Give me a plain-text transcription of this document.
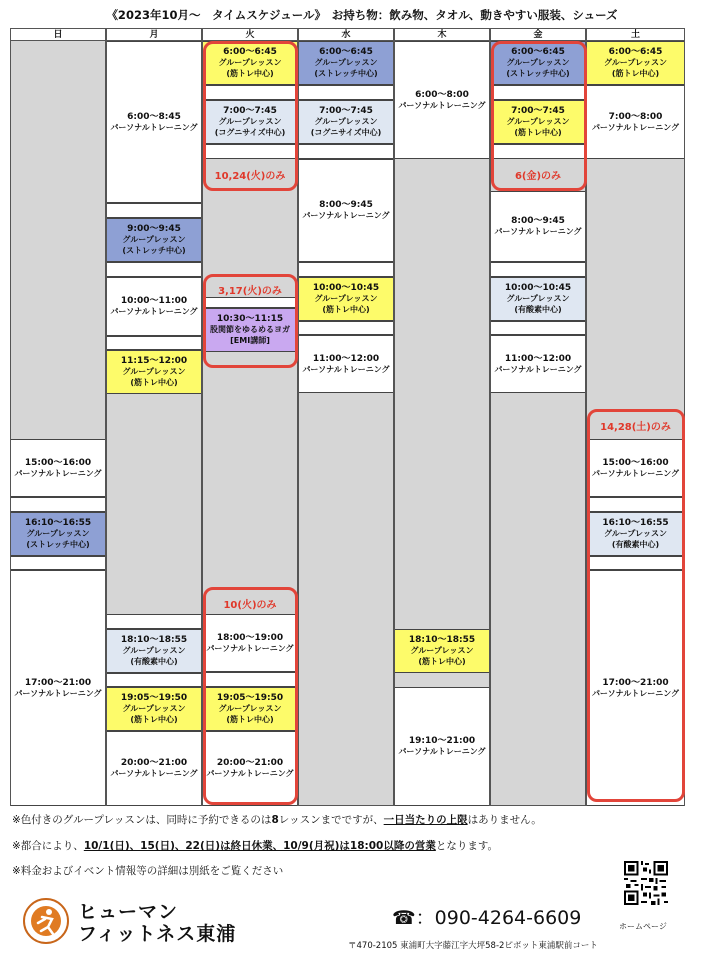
《2023年10月～　タイムスケジュール》　お持ち物：飲み物、タオル、動きやすい服装、シューズ
日
15:00～16:00
パーソナルトレーニング
16:10～16:55
グループレッスン
(ストレッチ中心)
17:00～21:00
パーソナルトレーニング
月
6:00～8:45
パーソナルトレーニング
9:00～9:45
グループレッスン
(ストレッチ中心)
10:00～11:00
パーソナルトレーニング
11:15～12:00
グループレッスン
(筋トレ中心)
18:10～18:55
グループレッスン
(有酸素中心)
19:05～19:50
グループレッスン
(筋トレ中心)
20:00～21:00
パーソナルトレーニング
火
6:00～6:45
グループレッスン
(筋トレ中心)
7:00～7:45
グループレッスン
(コグニサイズ中心)
10,24(火)のみ
3,17(火)のみ
10:30～11:15
股関節をゆるめるヨガ
[EMI講師]
10(火)のみ
18:00～19:00
パーソナルトレーニング
19:05～19:50
グループレッスン
(筋トレ中心)
20:00～21:00
パーソナルトレーニング
水
6:00～6:45
グループレッスン
(ストレッチ中心)
7:00～7:45
グループレッスン
(コグニサイズ中心)
8:00～9:45
パーソナルトレーニング
10:00～10:45
グループレッスン
(筋トレ中心)
11:00～12:00
パーソナルトレーニング
木
6:00～8:00
パーソナルトレーニング
18:10～18:55
グループレッスン
(筋トレ中心)
19:10～21:00
パーソナルトレーニング
金
6:00～6:45
グループレッスン
(ストレッチ中心)
7:00～7:45
グループレッスン
(筋トレ中心)
6(金)のみ
8:00～9:45
パーソナルトレーニング
10:00～10:45
グループレッスン
(有酸素中心)
11:00～12:00
パーソナルトレーニング
土
6:00～6:45
グループレッスン
(筋トレ中心)
7:00～8:00
パーソナルトレーニング
14,28(土)のみ
15:00～16:00
パーソナルトレーニング
16:10～16:55
グループレッスン
(有酸素中心)
17:00～21:00
パーソナルトレーニング
※色付きのグループレッスンは、同時に予約できるのは8レッスンまでですが、一日当たりの上限はありません。
※都合により、10/1(日)、15(日)、22(日)は終日休業、10/9(月祝)は18:00以降の営業となります。
※料金およびイベント情報等の詳細は別紙をご覧ください
ヒューマン
フィットネス東浦
☎：090-4264-6609
〒470-2105 東浦町大字藤江字大坪58-2ピボット東浦駅前コート
ホームページ
